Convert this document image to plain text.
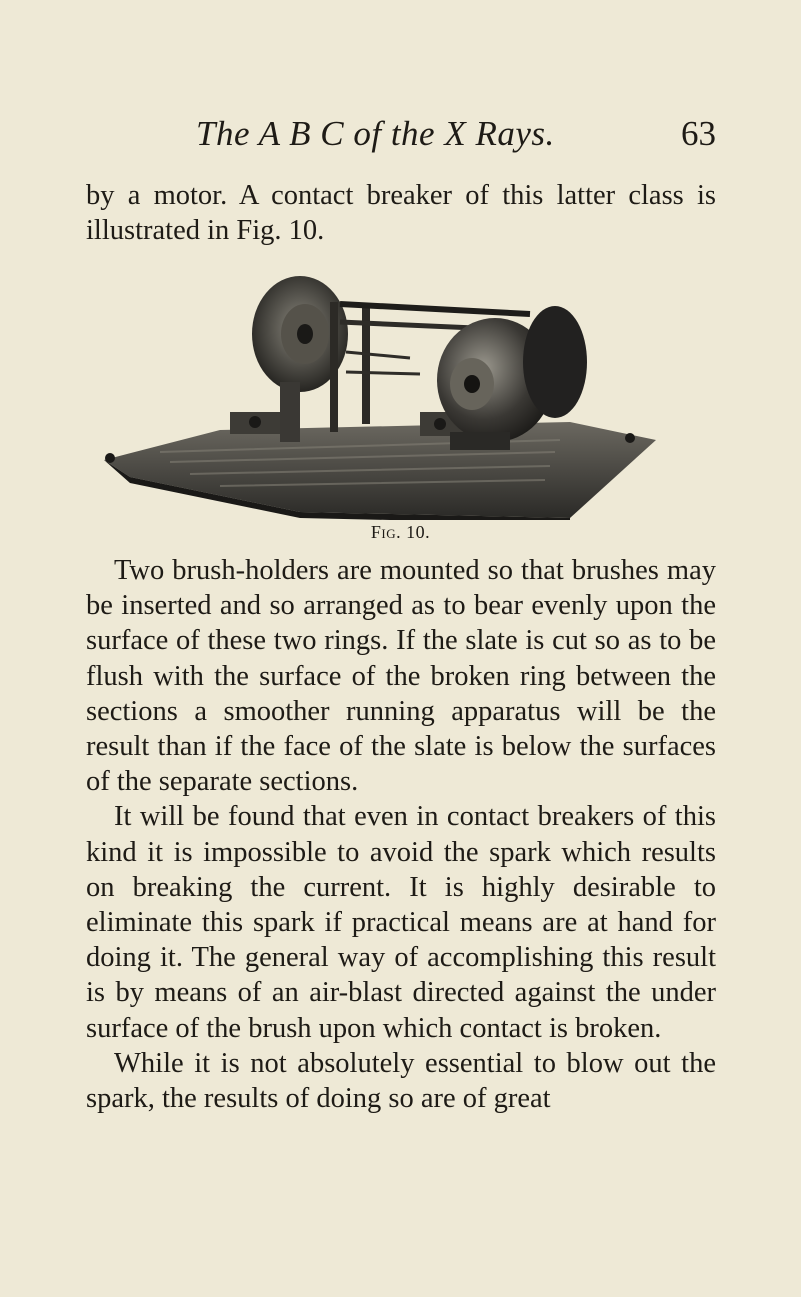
The A B C of the X Rays.	63

by a motor. A contact breaker of this latter class is illustrated in Fig. 10.

Fig. 10.

Two brush-holders are mounted so that brushes may be inserted and so arranged as to bear evenly upon the surface of these two rings. If the slate is cut so as to be flush with the surface of the broken ring between the sections a smoother running apparatus will be the result than if the face of the slate is below the surfaces of the separate sections.

It will be found that even in contact breakers of this kind it is impossible to avoid the spark which results on breaking the current. It is highly desirable to eliminate this spark if practical means are at hand for doing it. The general way of accomplishing this result is by means of an air-blast directed against the under surface of the brush upon which contact is broken.

While it is not absolutely essential to blow out the spark, the results of doing so are of great
